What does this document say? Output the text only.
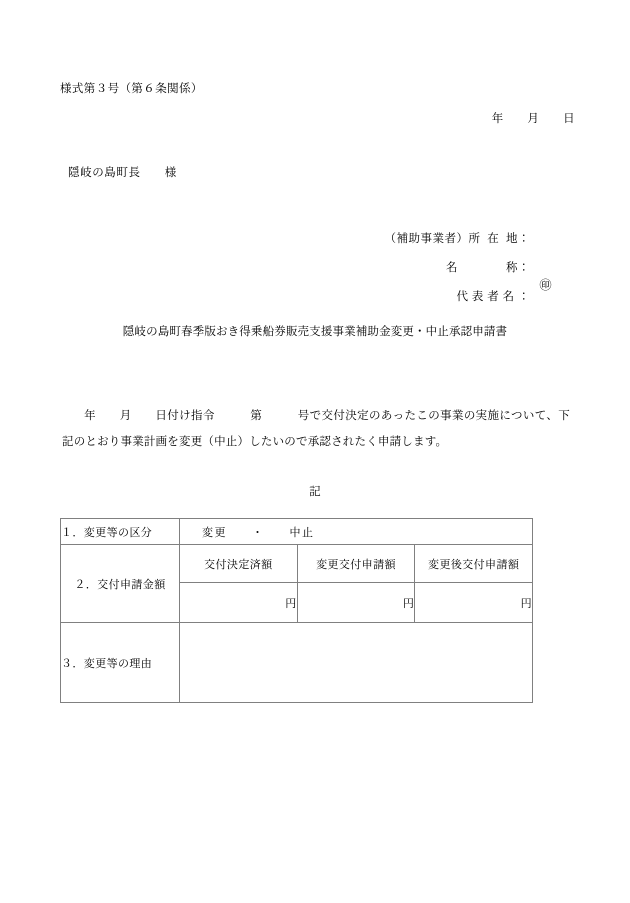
様式第３号（第６条関係）
年　　月　　日
隠岐の島町長　　様

（補助事業者）所  在  地：

名　　　　称：

代 表 者 名 ：

㊞

隠岐の島町春季版おき得乗船券販売支援事業補助金変更・中止承認申請書
年　　月　　日付け指令　　　第　　　号で交付決定のあったこの事業の実施について、下記のとおり事業計画を変更（中止）したいので承認されたく申請します。
記
１．変更等の区分	変更　　・　　中止		
２．交付申請金額	交付決定済額	変更交付申請額	変更後交付申請額
	円	円	円
３．変更等の理由			
